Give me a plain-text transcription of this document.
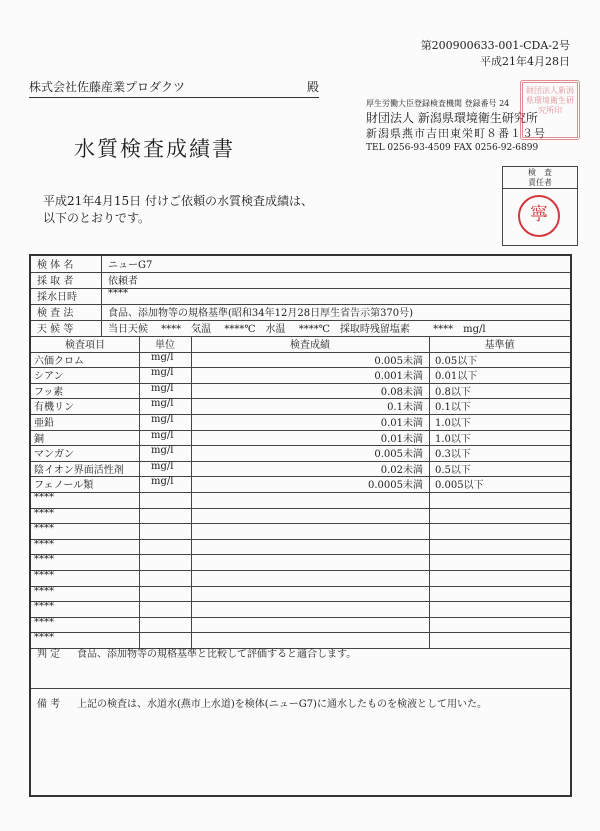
第200900633-001-CDA-2号
平成21年4月28日
株式会社佐藤産業プロダクツ	殿
水質検査成績書
厚生労働大臣登録検査機関 登録番号 24
財団法人 新潟県環境衛生研究所
新潟県燕市吉田東栄町８番１３号
TEL 0256-93-4509 FAX 0256-92-6899
財団法人新潟県環境衛生研究所印
平成21年4月15日 付けご依頼の水質検査成績は、
以下のとおりです。
検　査
責任者
寧
検 体 名	ニューG7
採 取 者	依頼者
採水日時	****
検 査 法	食品、添加物等の規格基準(昭和34年12月28日厚生省告示第370号)
天 候 等	当日天候　 ****　気温　 ****℃　水温　 ****℃　採取時残留塩素　　 ****　mg/l
検査項目	単位	検査成績	基準値
六価クロム	mg/l	0.005未満 0.05以下
シアン	mg/l	0.001未満 0.01以下
フッ素	mg/l	0.08未満 0.8以下
有機リン	mg/l	0.1未満 0.1以下
亜鉛	mg/l	0.01未満 1.0以下
銅	mg/l	0.01未満 1.0以下
マンガン	mg/l	0.005未満 0.3以下
陰イオン界面活性剤	mg/l	0.02未満 0.5以下
フェノール類	mg/l	0.0005未満 0.005以下
****
****
****
****
****
****
****
****
****
****
判 定 食品、添加物等の規格基準と比較して評価すると適合します。
備 考 上記の検査は、水道水(燕市上水道)を検体(ニューG7)に通水したものを検液として用いた。
